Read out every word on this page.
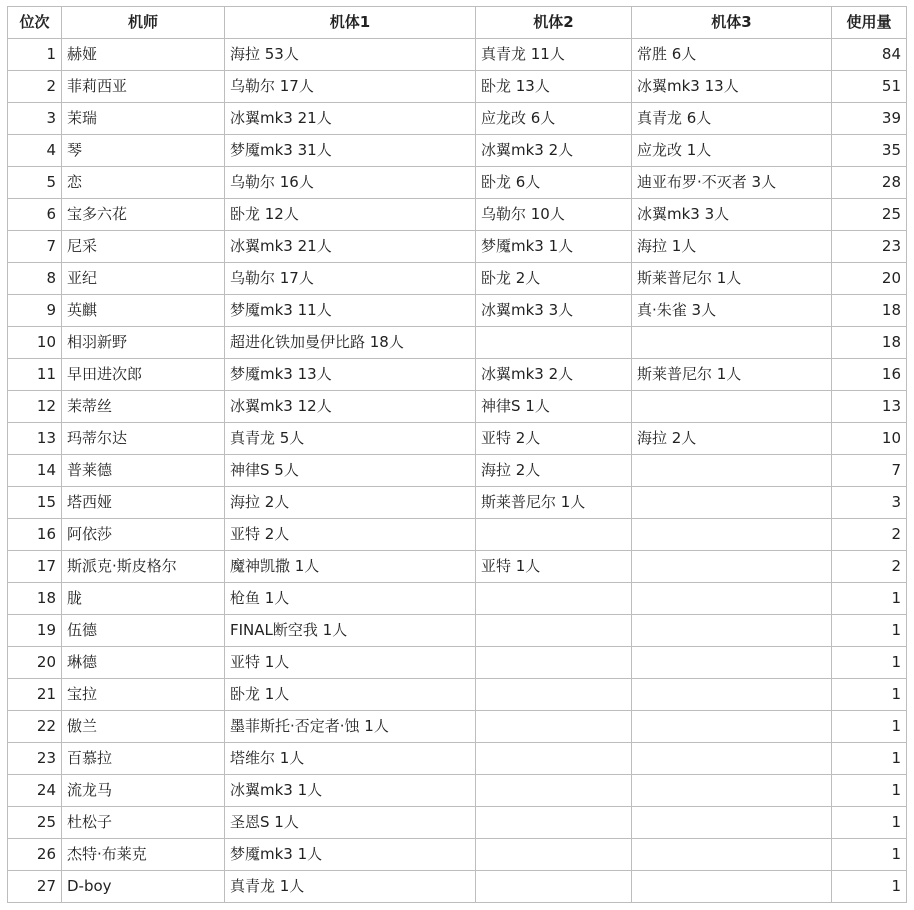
位次	机师	机体1	机体2	机体3	使用量
1	赫娅	海拉 53人	真青龙 11人	常胜 6人	84
2	菲莉西亚	乌勒尔 17人	卧龙 13人	冰翼mk3 13人	51
3	茉瑞	冰翼mk3 21人	应龙改 6人	真青龙 6人	39
4	琴	梦魇mk3 31人	冰翼mk3 2人	应龙改 1人	35
5	恋	乌勒尔 16人	卧龙 6人	迪亚布罗·不灭者 3人	28
6	宝多六花	卧龙 12人	乌勒尔 10人	冰翼mk3 3人	25
7	尼采	冰翼mk3 21人	梦魇mk3 1人	海拉 1人	23
8	亚纪	乌勒尔 17人	卧龙 2人	斯莱普尼尔 1人	20
9	英麒	梦魇mk3 11人	冰翼mk3 3人	真·朱雀 3人	18
10	相羽新野	超进化铁加曼伊比路 18人			18
11	早田进次郎	梦魇mk3 13人	冰翼mk3 2人	斯莱普尼尔 1人	16
12	茉蒂丝	冰翼mk3 12人	神律S 1人		13
13	玛蒂尔达	真青龙 5人	亚特 2人	海拉 2人	10
14	普莱德	神律S 5人	海拉 2人		7
15	塔西娅	海拉 2人	斯莱普尼尔 1人		3
16	阿依莎	亚特 2人			2
17	斯派克·斯皮格尔	魔神凯撒 1人	亚特 1人		2
18	胧	枪鱼 1人			1
19	伍德	FINAL断空我 1人			1
20	琳德	亚特 1人			1
21	宝拉	卧龙 1人			1
22	傲兰	墨菲斯托·否定者·蚀 1人			1
23	百慕拉	塔维尔 1人			1
24	流龙马	冰翼mk3 1人			1
25	杜松子	圣恩S 1人			1
26	杰特·布莱克	梦魇mk3 1人			1
27	D-boy	真青龙 1人			1
